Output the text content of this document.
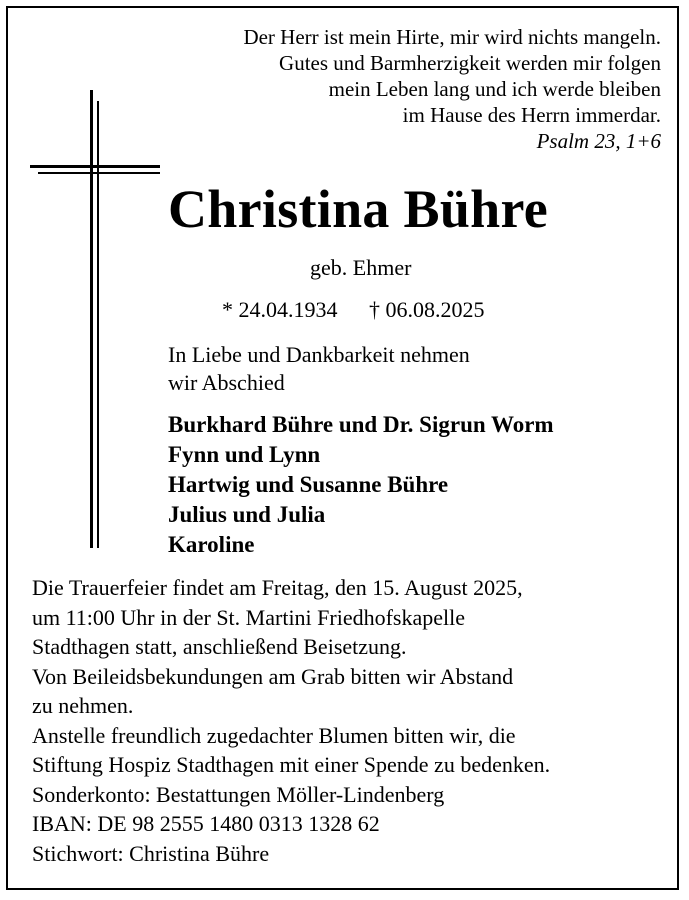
Der Herr ist mein Hirte, mir wird nichts mangeln.
Gutes und Barmherzigkeit werden mir folgen
mein Leben lang und ich werde bleiben
im Hause des Herrn immerdar.
Psalm 23, 1+6
Christina Bühre
geb. Ehmer
* 24.04.1934 † 06.08.2025
In Liebe und Dankbarkeit nehmen
wir Abschied
Burkhard Bühre und Dr. Sigrun Worm
Fynn und Lynn
Hartwig und Susanne Bühre
Julius und Julia
Karoline
Die Trauerfeier findet am Freitag, den 15. August 2025,
um 11:00 Uhr in der St. Martini Friedhofskapelle
Stadthagen statt, anschließend Beisetzung.
Von Beileidsbekundungen am Grab bitten wir Abstand
zu nehmen.
Anstelle freundlich zugedachter Blumen bitten wir, die
Stiftung Hospiz Stadthagen mit einer Spende zu bedenken.
Sonderkonto: Bestattungen Möller-Lindenberg
IBAN: DE 98 2555 1480 0313 1328 62
Stichwort: Christina Bühre
